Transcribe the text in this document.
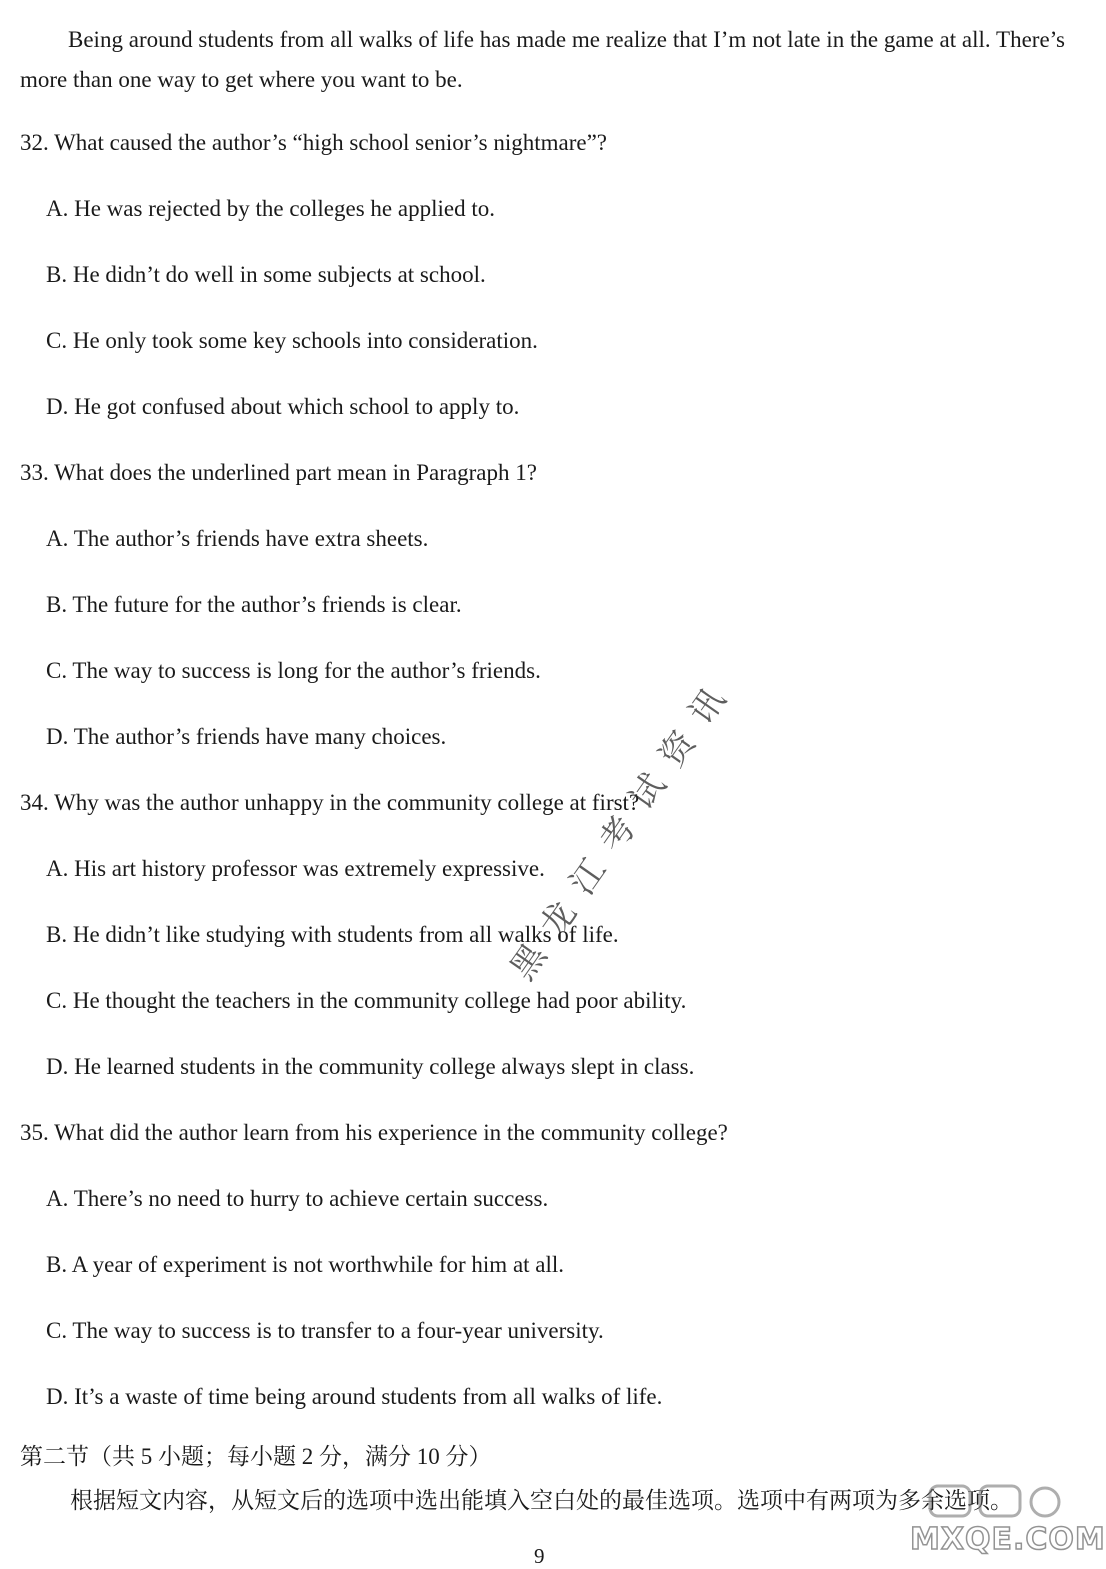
Being around students from all walks of life has made me realize that I’m not late in the game at all. There’s more than one way to get where you want to be.

32. What caused the author’s “high school senior’s nightmare”?
A. He was rejected by the colleges he applied to.
B. He didn’t do well in some subjects at school.
C. He only took some key schools into consideration.
D. He got confused about which school to apply to.
33. What does the underlined part mean in Paragraph 1?
A. The author’s friends have extra sheets.
B. The future for the author’s friends is clear.
C. The way to success is long for the author’s friends.
D. The author’s friends have many choices.
34. Why was the author unhappy in the community college at first?
A. His art history professor was extremely expressive.
B. He didn’t like studying with students from all walks of life.
C. He thought the teachers in the community college had poor ability.
D. He learned students in the community college always slept in class.
35. What did the author learn from his experience in the community college?
A. There’s no need to hurry to achieve certain success.
B. A year of experiment is not worthwhile for him at all.
C. The way to success is to transfer to a four-year university.
D. It’s a waste of time being around students from all walks of life.
第二节（共 5 小题；每小题 2 分，满分 10 分）
根据短文内容，从短文后的选项中选出能填入空白处的最佳选项。选项中有两项为多余选项。
黑龙江考试资讯
MXQE.COM
9
